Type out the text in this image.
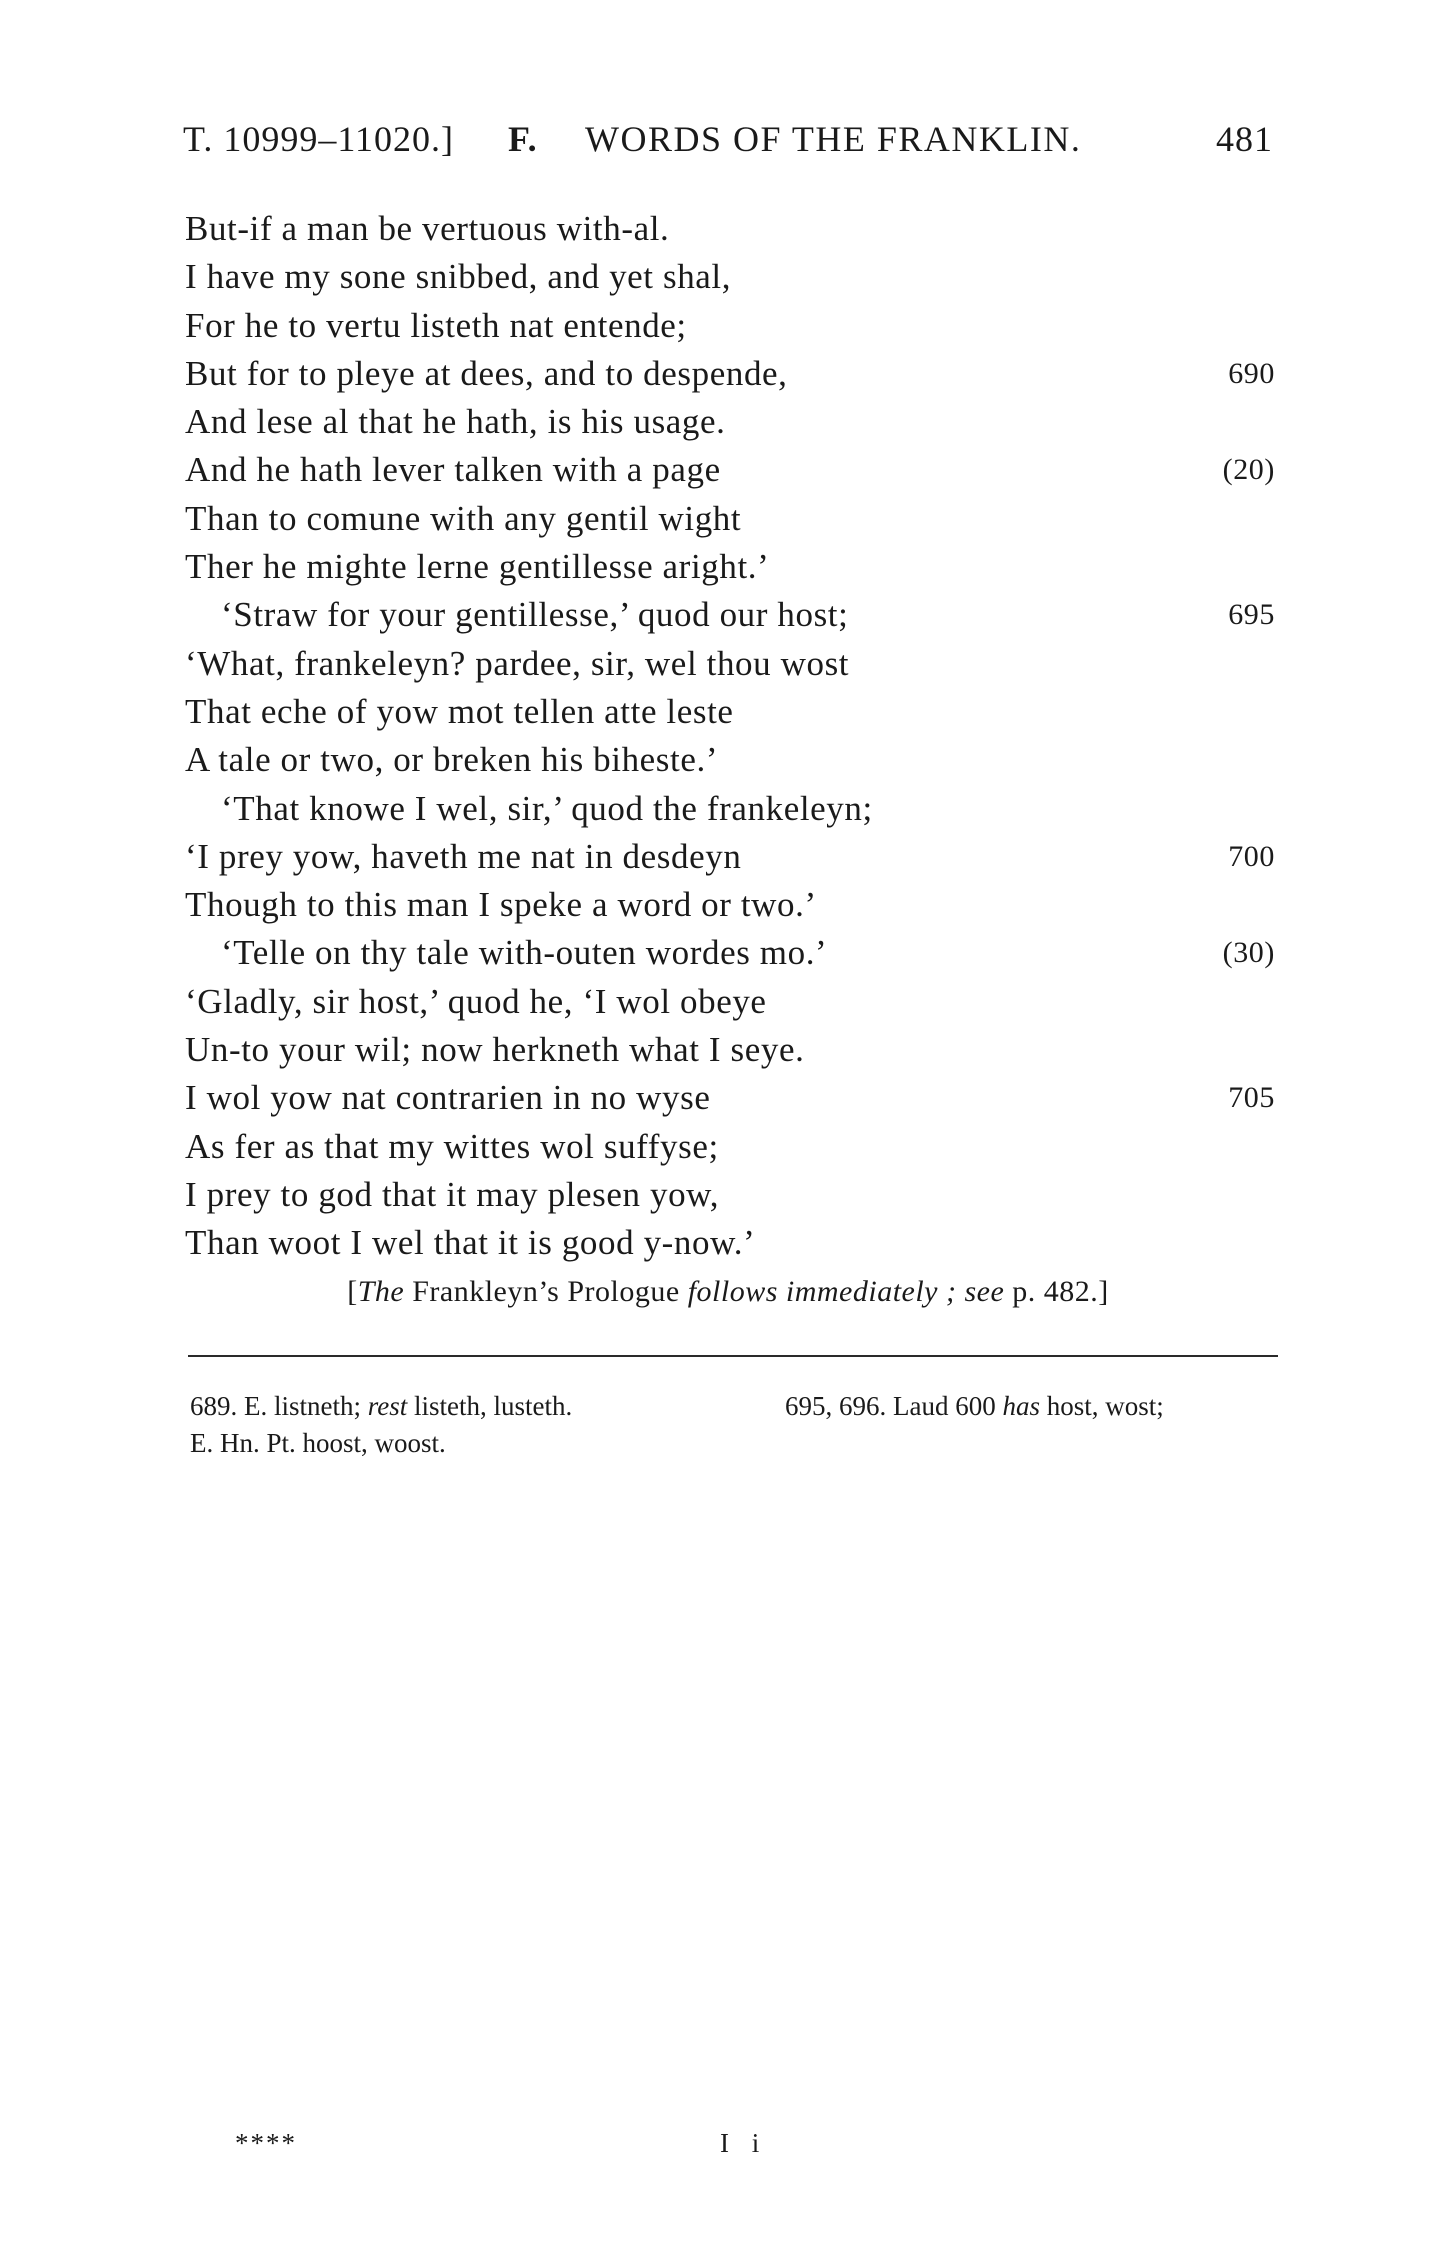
T. 10999–11020.] F. WORDS OF THE FRANKLIN.	481
But-if a man be vertuous with-al.
I have my sone snibbed, and yet shal,
For he to vertu listeth nat entende;
But for to pleye at dees, and to despende,	690
And lese al that he hath, is his usage.
And he hath lever talken with a page	(20)
Than to comune with any gentil wight
Ther he mighte lerne gentillesse aright.’
‘Straw for your gentillesse,’ quod our host;	695
‘What, frankeleyn? pardee, sir, wel thou wost
That eche of yow mot tellen atte leste
A tale or two, or breken his biheste.’
‘That knowe I wel, sir,’ quod the frankeleyn;
‘I prey yow, haveth me nat in desdeyn	700
Though to this man I speke a word or two.’
‘Telle on thy tale with-outen wordes mo.’	(30)
‘Gladly, sir host,’ quod he, ‘I wol obeye
Un-to your wil; now herkneth what I seye.
I wol yow nat contrarien in no wyse	705
As fer as that my wittes wol suffyse;
I prey to god that it may plesen yow,
Than woot I wel that it is good y-now.’
[The Frankleyn’s Prologue follows immediately ; see p. 482.]
689. E. listneth; rest listeth, lusteth.	695, 696. Laud 600 has host, wost;
E. Hn. Pt. hoost, woost.
****	I i
